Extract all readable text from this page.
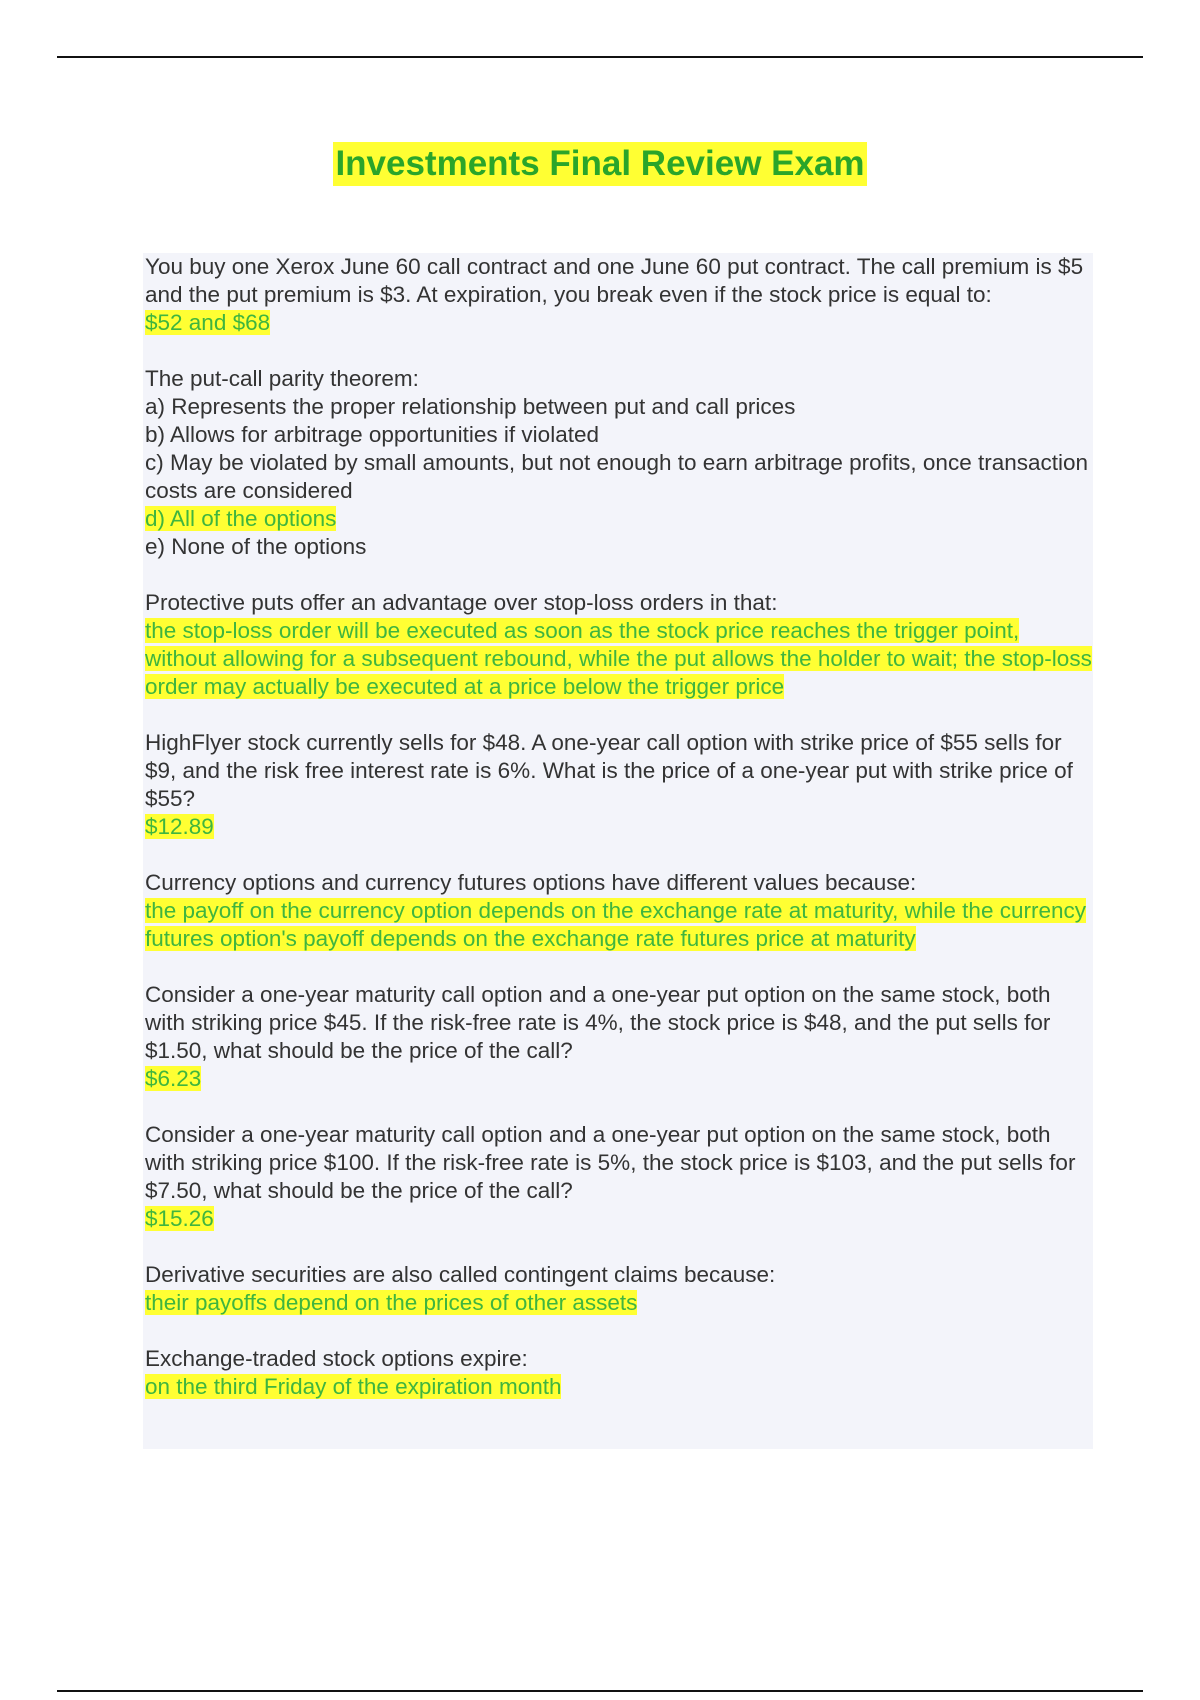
Investments Final Review Exam

You buy one Xerox June 60 call contract and one June 60 put contract. The call premium is $5 and the put premium is $3. At expiration, you break even if the stock price is equal to:

$52 and $68

The put-call parity theorem:

a) Represents the proper relationship between put and call prices

b) Allows for arbitrage opportunities if violated

c) May be violated by small amounts, but not enough to earn arbitrage profits, once transaction costs are considered

d) All of the options

e) None of the options

Protective puts offer an advantage over stop-loss orders in that:

the stop-loss order will be executed as soon as the stock price reaches the trigger point, without allowing for a subsequent rebound, while the put allows the holder to wait; the stop-loss order may actually be executed at a price below the trigger price

HighFlyer stock currently sells for $48. A one-year call option with strike price of $55 sells for $9, and the risk free interest rate is 6%. What is the price of a one-year put with strike price of $55?

$12.89

Currency options and currency futures options have different values because:

the payoff on the currency option depends on the exchange rate at maturity, while the currency futures option's payoff depends on the exchange rate futures price at maturity

Consider a one-year maturity call option and a one-year put option on the same stock, both with striking price $45. If the risk-free rate is 4%, the stock price is $48, and the put sells for $1.50, what should be the price of the call?

$6.23

Consider a one-year maturity call option and a one-year put option on the same stock, both with striking price $100. If the risk-free rate is 5%, the stock price is $103, and the put sells for $7.50, what should be the price of the call?

$15.26

Derivative securities are also called contingent claims because:

their payoffs depend on the prices of other assets

Exchange-traded stock options expire:

on the third Friday of the expiration month
